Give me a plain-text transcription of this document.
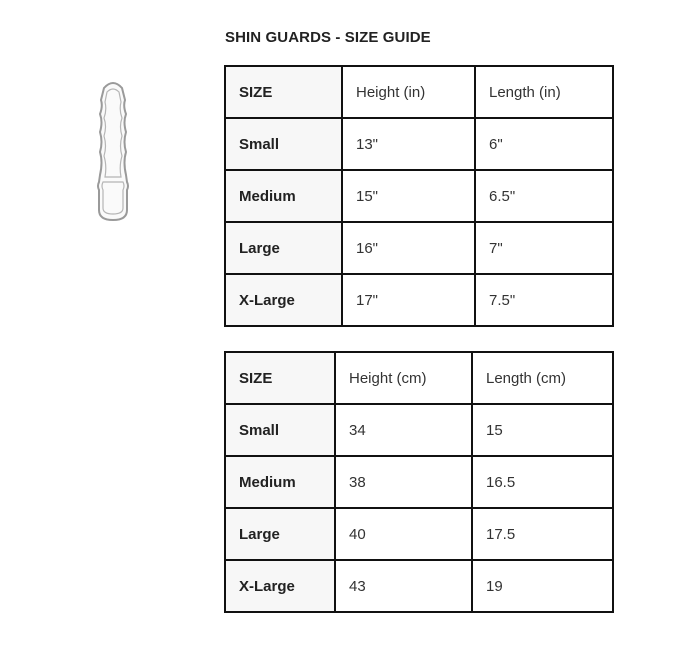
SHIN GUARDS - SIZE GUIDE
SIZE	Height (in)	Length (in)
Small	13"	6"
Medium	15"	6.5"
Large	16"	7"
X-Large	17"	7.5"
SIZE	Height (cm)	Length (cm)
Small	34	15
Medium	38	16.5
Large	40	17.5
X-Large	43	19
